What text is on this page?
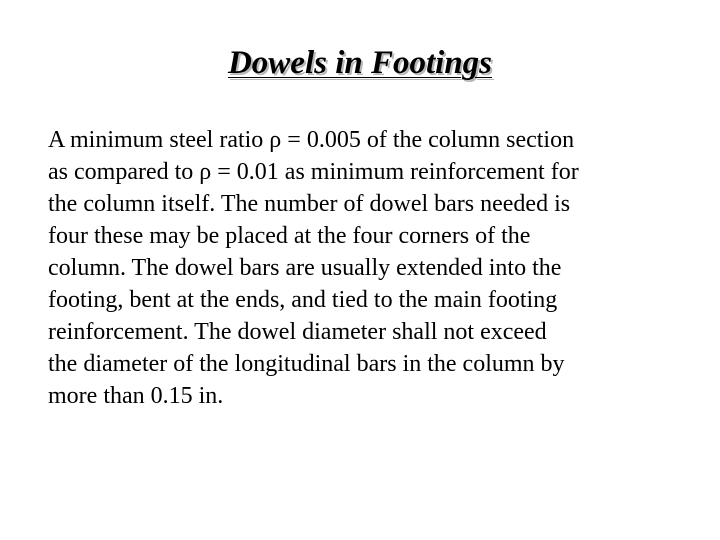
Dowels in Footings
A minimum steel ratio ρ = 0.005 of the column section
as compared to ρ = 0.01 as minimum reinforcement for
the column itself. The number of dowel bars needed is
four these may be placed at the four corners of the
column. The dowel bars are usually extended into the
footing, bent at the ends, and tied to the main footing
reinforcement. The dowel diameter shall not exceed
the diameter of the longitudinal bars in the column by
more than 0.15 in.
